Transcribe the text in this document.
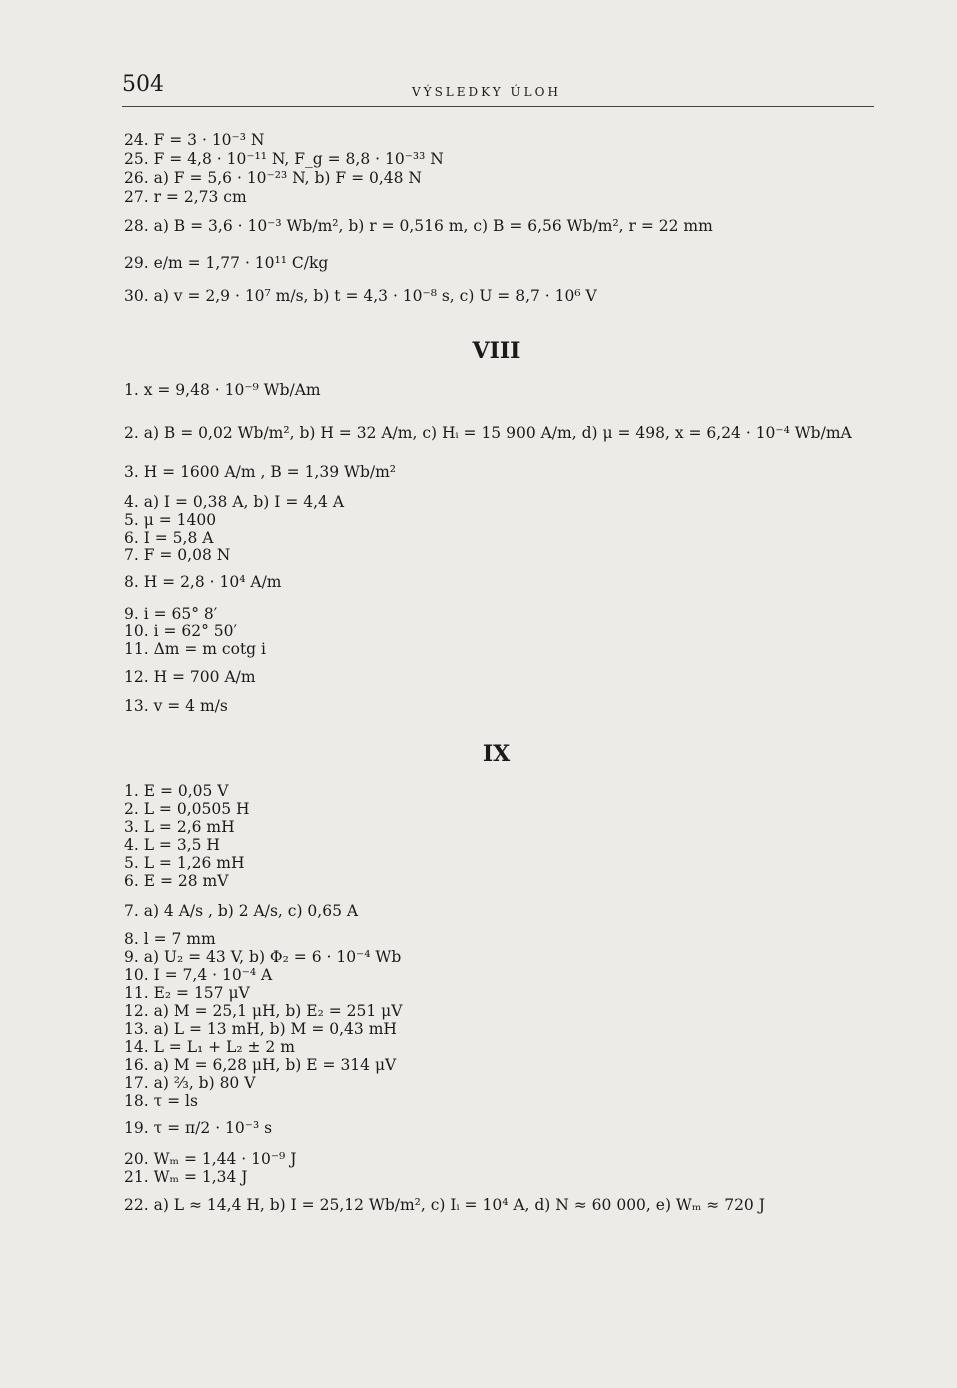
504	VÝSLEDKY ÚLOH
24. F = 3 · 10⁻³ N
25. F = 4,8 · 10⁻¹¹ N, F_g = 8,8 · 10⁻³³ N
26. a) F = 5,6 · 10⁻²³ N, b) F = 0,48 N
27. r = 2,73 cm
28. a) B = 3,6 · 10⁻³ Wb/m², b) r = 0,516 m, c) B = 6,56 Wb/m², r = 22 mm
29. e/m = 1,77 · 10¹¹ C/kg
30. a) v = 2,9 · 10⁷ m/s, b) t = 4,3 · 10⁻⁸ s, c) U = 8,7 · 10⁶ V
VIII
1. x = 9,48 · 10⁻⁹ Wb/Am
2. a) B = 0,02 Wb/m², b) H = 32 A/m, c) Hᵢ = 15 900 A/m, d) μ = 498, x = 6,24 · 10⁻⁴ Wb/mA
3. H = 1600 A/m , B = 1,39 Wb/m²
4. a) I = 0,38 A, b) I = 4,4 A
5. μ = 1400
6. I = 5,8 A
7. F = 0,08 N
8. H = 2,8 · 10⁴ A/m
9. i = 65° 8′
10. i = 62° 50′
11. Δm = m cotg i
12. H = 700 A/m
13. v = 4 m/s
IX
1. E = 0,05 V
2. L = 0,0505 H
3. L = 2,6 mH
4. L = 3,5 H
5. L = 1,26 mH
6. E = 28 mV
7. a) 4 A/s , b) 2 A/s, c) 0,65 A
8. l = 7 mm
9. a) U₂ = 43 V, b) Φ₂ = 6 · 10⁻⁴ Wb
10. I = 7,4 · 10⁻⁴ A
11. E₂ = 157 μV
12. a) M = 25,1 μH, b) E₂ = 251 μV
13. a) L = 13 mH, b) M = 0,43 mH
14. L = L₁ + L₂ ± 2 m
16. a) M = 6,28 μH, b) E = 314 μV
17. a) ⅔, b) 80 V
18. τ = ls
19. τ = π/2 · 10⁻³ s
20. Wₘ = 1,44 · 10⁻⁹ J
21. Wₘ = 1,34 J
22. a) L ≈ 14,4 H, b) I = 25,12 Wb/m², c) Iᵢ = 10⁴ A, d) N ≈ 60 000, e) Wₘ ≈ 720 J
